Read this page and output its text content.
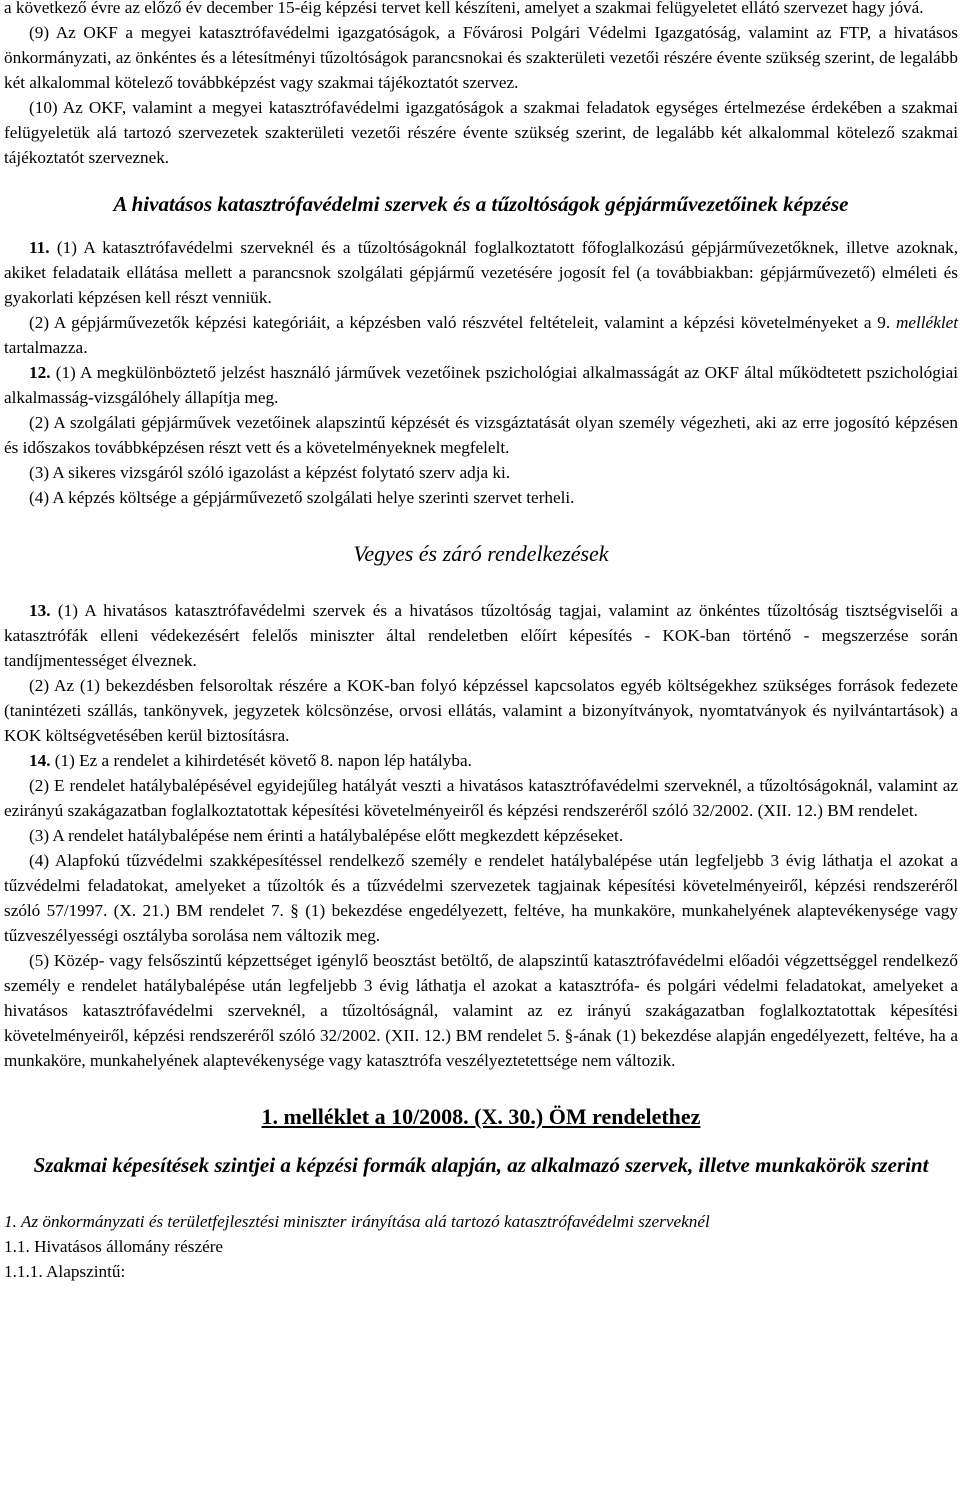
a következő évre az előző év december 15-éig képzési tervet kell készíteni, amelyet a szakmai felügyeletet ellátó szervezet hagy jóvá.

(9) Az OKF a megyei katasztrófavédelmi igazgatóságok, a Fővárosi Polgári Védelmi Igazgatóság, valamint az FTP, a hivatásos önkormányzati, az önkéntes és a létesítményi tűzoltóságok parancsnokai és szakterületi vezetői részére évente szükség szerint, de legalább két alkalommal kötelező továbbképzést vagy szakmai tájékoztatót szervez.

(10) Az OKF, valamint a megyei katasztrófavédelmi igazgatóságok a szakmai feladatok egységes értelmezése érdekében a szakmai felügyeletük alá tartozó szervezetek szakterületi vezetői részére évente szükség szerint, de legalább két alkalommal kötelező szakmai tájékoztatót szerveznek.

A hivatásos katasztrófavédelmi szervek és a tűzoltóságok gépjárművezetőinek képzése

11. (1) A katasztrófavédelmi szerveknél és a tűzoltóságoknál foglalkoztatott főfoglalkozású gépjárművezetőknek, illetve azoknak, akiket feladataik ellátása mellett a parancsnok szolgálati gépjármű vezetésére jogosít fel (a továbbiakban: gépjárművezető) elméleti és gyakorlati képzésen kell részt venniük.

(2) A gépjárművezetők képzési kategóriáit, a képzésben való részvétel feltételeit, valamint a képzési követelményeket a 9. melléklet tartalmazza.

12. (1) A megkülönböztető jelzést használó járművek vezetőinek pszichológiai alkalmasságát az OKF által működtetett pszichológiai alkalmasság-vizsgálóhely állapítja meg.

(2) A szolgálati gépjárművek vezetőinek alapszintű képzését és vizsgáztatását olyan személy végezheti, aki az erre jogosító képzésen és időszakos továbbképzésen részt vett és a követelményeknek megfelelt.

(3) A sikeres vizsgáról szóló igazolást a képzést folytató szerv adja ki.

(4) A képzés költsége a gépjárművezető szolgálati helye szerinti szervet terheli.

Vegyes és záró rendelkezések

13. (1) A hivatásos katasztrófavédelmi szervek és a hivatásos tűzoltóság tagjai, valamint az önkéntes tűzoltóság tisztségviselői a katasztrófák elleni védekezésért felelős miniszter által rendeletben előírt képesítés - KOK-ban történő - megszerzése során tandíjmentességet élveznek.

(2) Az (1) bekezdésben felsoroltak részére a KOK-ban folyó képzéssel kapcsolatos egyéb költségekhez szükséges források fedezete (tanintézeti szállás, tankönyvek, jegyzetek kölcsönzése, orvosi ellátás, valamint a bizonyítványok, nyomtatványok és nyilvántartások) a KOK költségvetésében kerül biztosításra.

14. (1) Ez a rendelet a kihirdetését követő 8. napon lép hatályba.

(2) E rendelet hatálybalépésével egyidejűleg hatályát veszti a hivatásos katasztrófavédelmi szerveknél, a tűzoltóságoknál, valamint az ezirányú szakágazatban foglalkoztatottak képesítési követelményeiről és képzési rendszeréről szóló 32/2002. (XII. 12.) BM rendelet.

(3) A rendelet hatálybalépése nem érinti a hatálybalépése előtt megkezdett képzéseket.

(4) Alapfokú tűzvédelmi szakképesítéssel rendelkező személy e rendelet hatálybalépése után legfeljebb 3 évig láthatja el azokat a tűzvédelmi feladatokat, amelyeket a tűzoltók és a tűzvédelmi szervezetek tagjainak képesítési követelményeiről, képzési rendszeréről szóló 57/1997. (X. 21.) BM rendelet 7. § (1) bekezdése engedélyezett, feltéve, ha munkaköre, munkahelyének alaptevékenysége vagy tűzveszélyességi osztályba sorolása nem változik meg.

(5) Közép- vagy felsőszintű képzettséget igénylő beosztást betöltő, de alapszintű katasztrófavédelmi előadói végzettséggel rendelkező személy e rendelet hatálybalépése után legfeljebb 3 évig láthatja el azokat a katasztrófa- és polgári védelmi feladatokat, amelyeket a hivatásos katasztrófavédelmi szerveknél, a tűzoltóságnál, valamint az ez irányú szakágazatban foglalkoztatottak képesítési követelményeiről, képzési rendszeréről szóló 32/2002. (XII. 12.) BM rendelet 5. §-ának (1) bekezdése alapján engedélyezett, feltéve, ha a munkaköre, munkahelyének alaptevékenysége vagy katasztrófa veszélyeztetettsége nem változik.

1. melléklet a 10/2008. (X. 30.) ÖM rendelethez
Szakmai képesítések szintjei a képzési formák alapján, az alkalmazó szervek, illetve munkakörök szerint

1. Az önkormányzati és területfejlesztési miniszter irányítása alá tartozó katasztrófavédelmi szerveknél

1.1. Hivatásos állomány részére

1.1.1. Alapszintű:
